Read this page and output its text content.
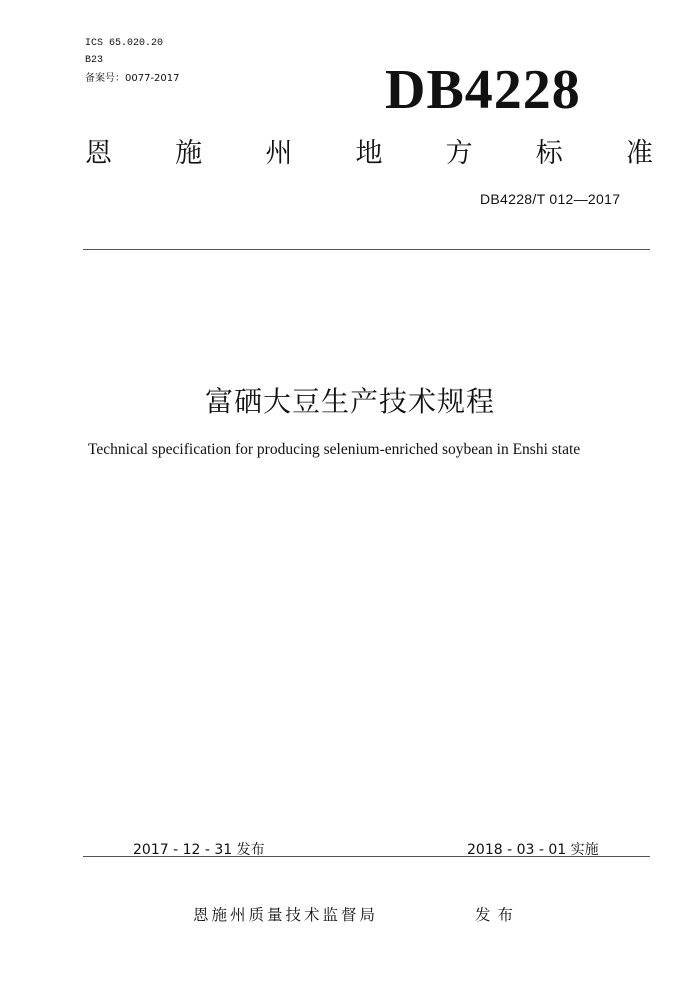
ICS 65.020.20
B23
备案号：0077-2017	DB4228
恩 施 州 地 方 标 准
DB4228/T 012—2017
富硒大豆生产技术规程
Technical specification for producing selenium-enriched soybean in Enshi state
2017 - 12 - 31 发布	2018 - 03 - 01 实施
恩施州质量技术监督局	发布
